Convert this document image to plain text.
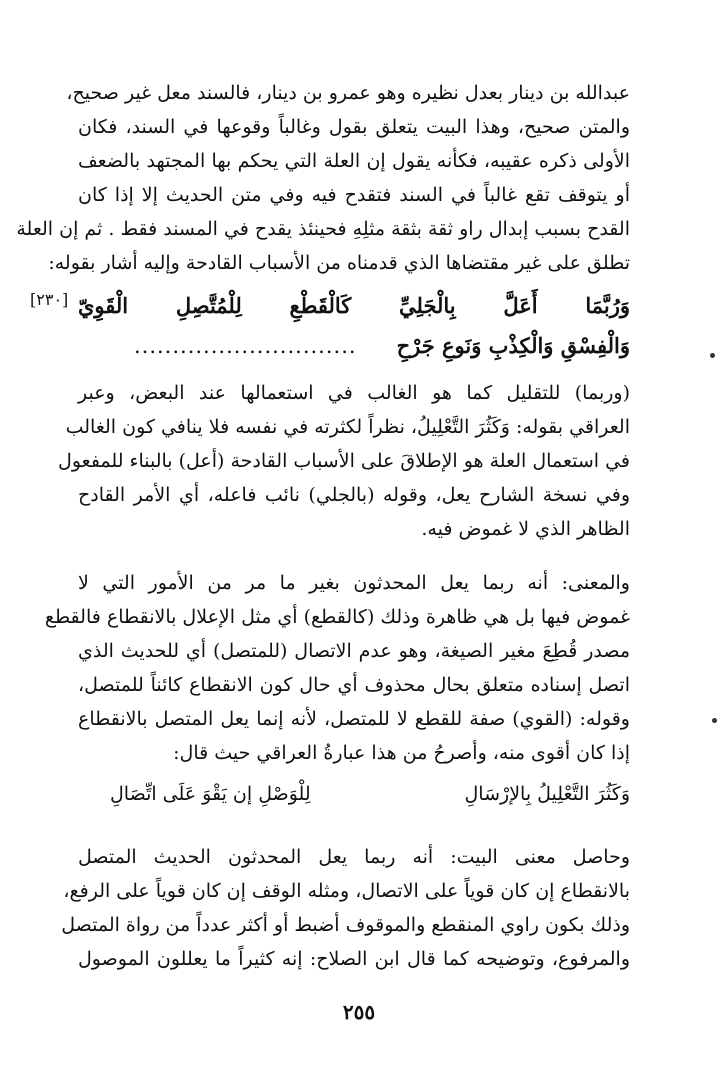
عبدالله بن دينار بعدل نظيره وهو عمرو بن دينار، فالسند معل غير صحيح،
والمتن صحيح، وهذا البيت يتعلق بقول وغالباً وقوعها في السند، فكان
الأولى ذكره عقيبه، فكأنه يقول إن العلة التي يحكم بها المجتهد بالضعف
أو يتوقف تقع غالباً في السند فتقدح فيه وفي متن الحديث إلا إذا كان
القدح بسبب إبدال راو ثقة بثقة مثلِهِ فحينئذ يقدح في المسند فقط . ثم إن العلة
تطلق على غير مقتضاها الذي قدمناه من الأسباب القادحة وإليه أشار بقوله:
[٢٣٠] وَرُبَّمَا أَعَلَّ بِالْجَلِيِّ كَالْقَطْعِ لِلْمُتَّصِلِ الْقَوِيّ
وَالْفِسْقِ وَالْكِذْبِ وَنَوعِ جَرْحِ.............................
(وربما) للتقليل كما هو الغالب في استعمالها عند البعض، وعبر
العراقي بقوله: وَكَثُرَ التَّعْلِيلُ، نظراً لكثرته في نفسه فلا ينافي كون الغالب
في استعمال العلة هو الإطلاقَ على الأسباب القادحة (أعل) بالبناء للمفعول
وفي نسخة الشارح يعل، وقوله (بالجلي) نائب فاعله، أي الأمر القادح
الظاهر الذي لا غموض فيه.
والمعنى: أنه ربما يعل المحدثون بغير ما مر من الأمور التي لا
غموض فيها بل هي ظاهرة وذلك (كالقطع) أي مثل الإعلال بالانقطاع فالقطع
مصدر قُطِعَ مغير الصيغة، وهو عدم الاتصال (للمتصل) أي للحديث الذي
اتصل إسناده متعلق بحال محذوف أي حال كون الانقطاع كائناً للمتصل،
وقوله: (القوي) صفة للقطع لا للمتصل، لأنه إنما يعل المتصل بالانقطاع
إذا كان أقوى منه، وأصرحُ من هذا عبارةُ العراقي حيث قال:
وَكَثُرَ التَّعْلِيلُ بِالإرْسَالِ
لِلْوَصْلِ إن يَقْوَ عَلَى اتِّصَالِ
وحاصل معنى البيت: أنه ربما يعل المحدثون الحديث المتصل
بالانقطاع إن كان قوياً على الاتصال، ومثله الوقف إن كان قوياً على الرفع،
وذلك بكون راوي المنقطع والموقوف أضبط أو أكثر عدداً من رواة المتصل
والمرفوع، وتوضيحه كما قال ابن الصلاح: إنه كثيراً ما يعللون الموصول
٢٥٥
